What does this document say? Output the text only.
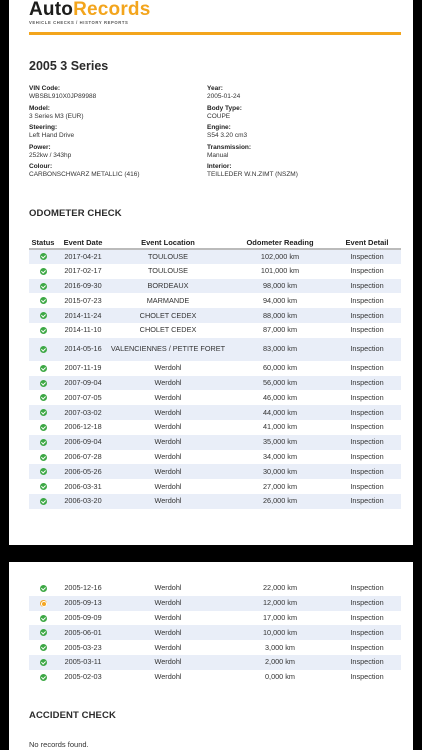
AutoRecords
VEHICLE CHECKS / HISTORY REPORTS
2005 3 Series
VIN Code:
WBSBL910X0JP89988
Model:
3 Series M3 (EUR)
Steering:
Left Hand Drive
Power:
252kw / 343hp
Colour:
CARBONSCHWARZ METALLIC (416)
Year:
2005-01-24
Body Type:
COUPE
Engine:
S54 3.20 cm3
Transmission:
Manual
Interior:
TEILLEDER W.N.ZIMT (NSZM)
ODOMETER CHECK
Status	Event Date	Event Location	Odometer Reading	Event Detail
	2017-04-21	TOULOUSE	102,000 km	Inspection
	2017-02-17	TOULOUSE	101,000 km	Inspection
	2016-09-30	BORDEAUX	98,000 km	Inspection
	2015-07-23	MARMANDE	94,000 km	Inspection
	2014-11-24	CHOLET CEDEX	88,000 km	Inspection
	2014-11-10	CHOLET CEDEX	87,000 km	Inspection
	2014-05-16	VALENCIENNES / PETITE FORET	83,000 km	Inspection
	2007-11-19	Werdohl	60,000 km	Inspection
	2007-09-04	Werdohl	56,000 km	Inspection
	2007-07-05	Werdohl	46,000 km	Inspection
	2007-03-02	Werdohl	44,000 km	Inspection
	2006-12-18	Werdohl	41,000 km	Inspection
	2006-09-04	Werdohl	35,000 km	Inspection
	2006-07-28	Werdohl	34,000 km	Inspection
	2006-05-26	Werdohl	30,000 km	Inspection
	2006-03-31	Werdohl	27,000 km	Inspection
	2006-03-20	Werdohl	26,000 km	Inspection
	2005-12-16	Werdohl	22,000 km	Inspection
	2005-09-13	Werdohl	12,000 km	Inspection
	2005-09-09	Werdohl	17,000 km	Inspection
	2005-06-01	Werdohl	10,000 km	Inspection
	2005-03-23	Werdohl	3,000 km	Inspection
	2005-03-11	Werdohl	2,000 km	Inspection
	2005-02-03	Werdohl	0,000 km	Inspection
ACCIDENT CHECK
No records found.
